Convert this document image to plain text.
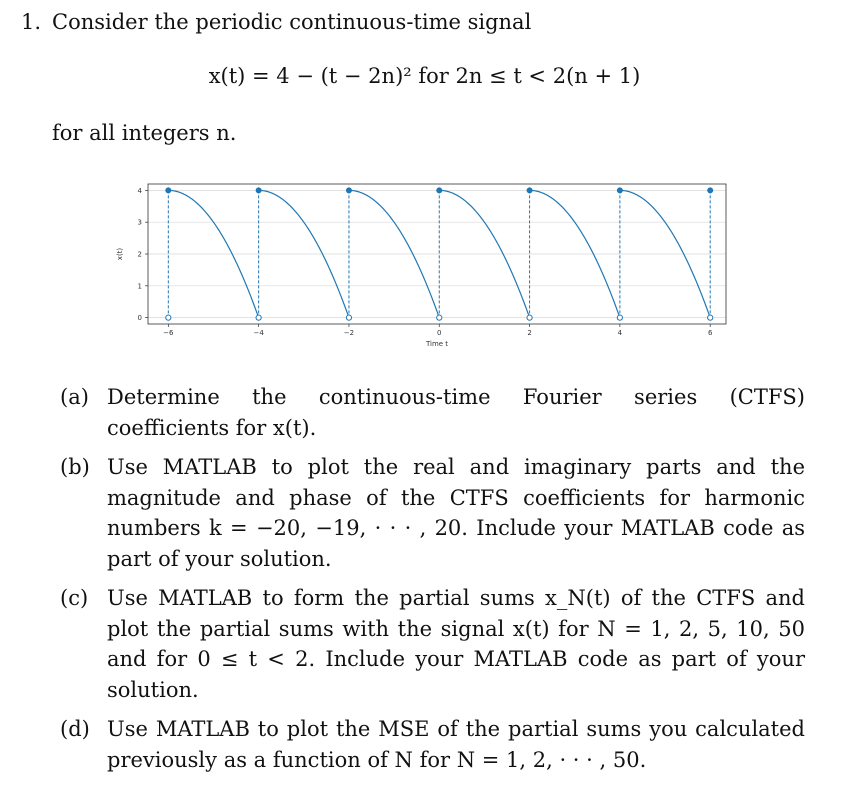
1. Consider the periodic continuous-time signal
x(t) = 4 − (t − 2n)² for 2n ≤ t < 2(n + 1)
for all integers n.
0
1
2
3
4
−6	−4	−2	0	2	4	6
Time t
x(t)
(a) Determine the continuous-time Fourier series (CTFS) coefficients for x(t).
(b) Use MATLAB to plot the real and imaginary parts and the magnitude and phase of the CTFS coefficients for harmonic numbers k = −20, −19, · · · , 20. Include your MATLAB code as part of your solution.
(c) Use MATLAB to form the partial sums x_N(t) of the CTFS and plot the partial sums with the signal x(t) for N = 1, 2, 5, 10, 50 and for 0 ≤ t < 2. Include your MATLAB code as part of your solution.
(d) Use MATLAB to plot the MSE of the partial sums you calculated previously as a function of N for N = 1, 2, · · · , 50.
